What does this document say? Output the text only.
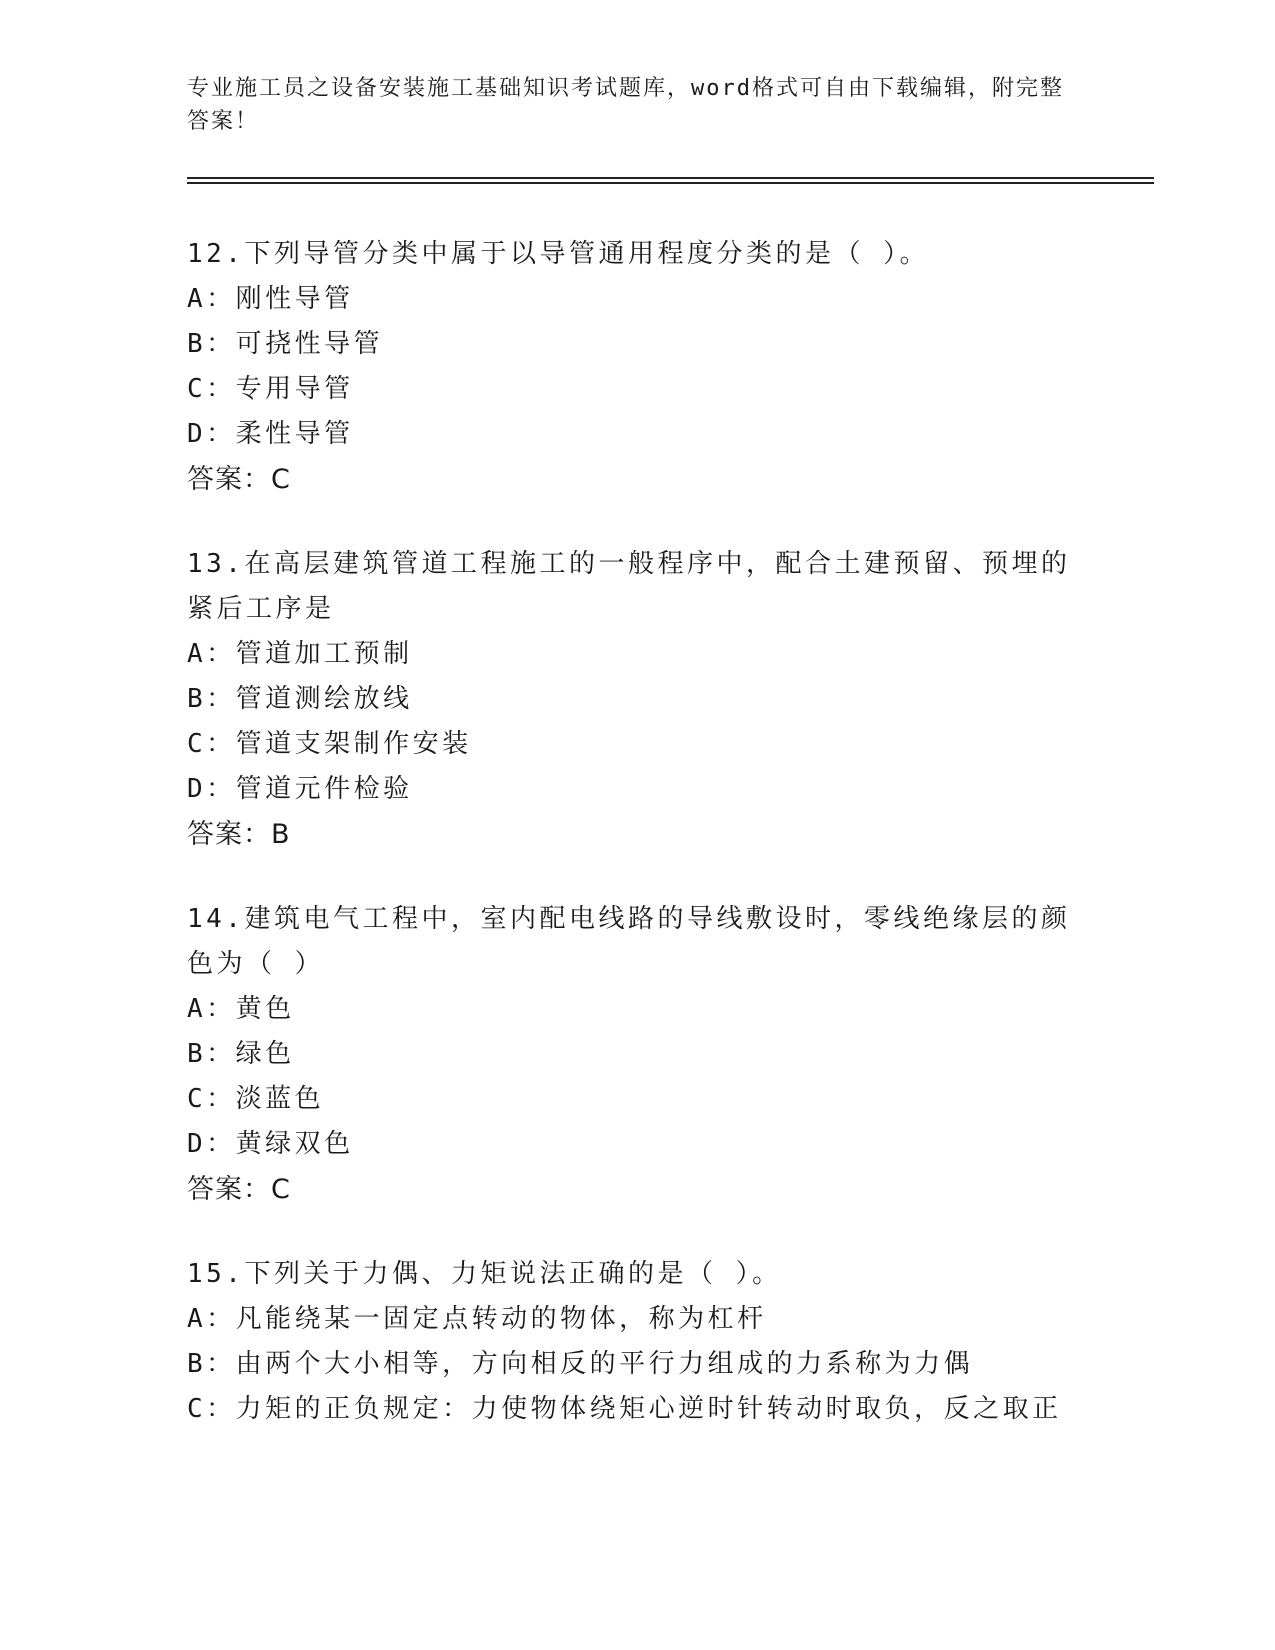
专业施工员之设备安装施工基础知识考试题库，word格式可自由下载编辑，附完整答案！
12.下列导管分类中属于以导管通用程度分类的是（ ）。
A：刚性导管
B：可挠性导管
C：专用导管
D：柔性导管
答案：C
13.在高层建筑管道工程施工的一般程序中，配合土建预留、预埋的紧后工序是
A：管道加工预制
B：管道测绘放线
C：管道支架制作安装
D：管道元件检验
答案：B
14.建筑电气工程中，室内配电线路的导线敷设时，零线绝缘层的颜色为（ ）
A：黄色
B：绿色
C：淡蓝色
D：黄绿双色
答案：C
15.下列关于力偶、力矩说法正确的是（ ）。
A：凡能绕某一固定点转动的物体，称为杠杆
B：由两个大小相等，方向相反的平行力组成的力系称为力偶
C：力矩的正负规定：力使物体绕矩心逆时针转动时取负，反之取正
